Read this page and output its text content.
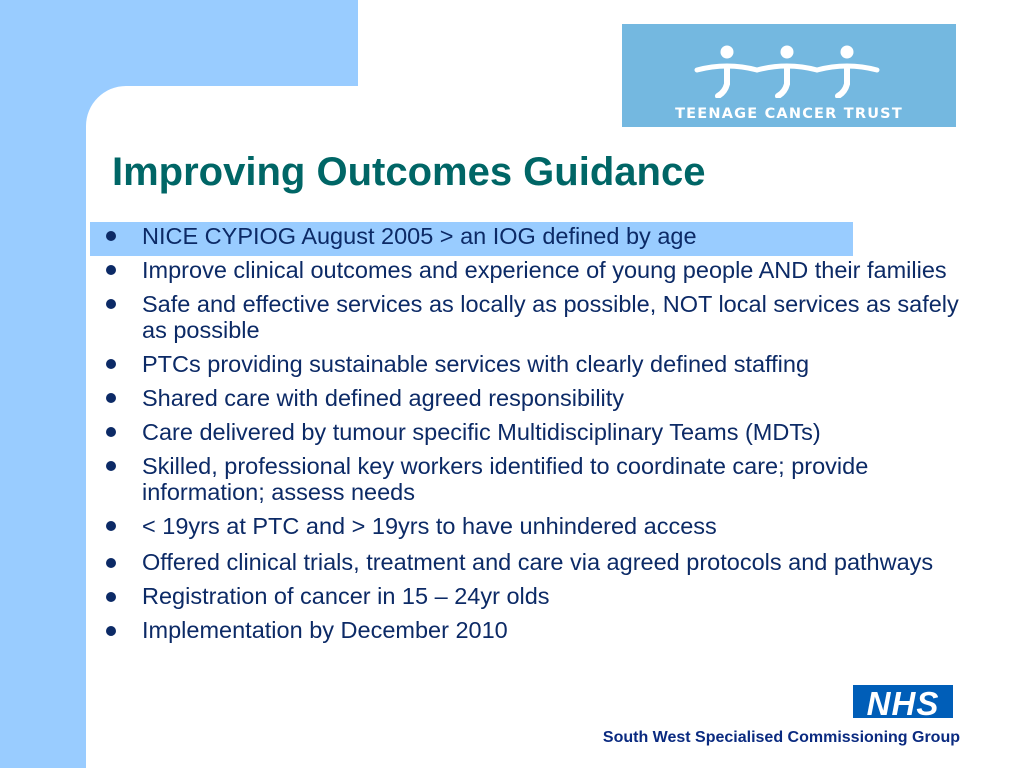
TEENAGE CANCER TRUST
Improving Outcomes Guidance
NICE CYPIOG August 2005 > an IOG defined by age
Improve clinical outcomes and experience of young people AND their families
Safe and effective services as locally as possible, NOT local services as safely as possible
PTCs providing sustainable services with clearly defined staffing
Shared care with defined agreed responsibility
Care delivered by tumour specific Multidisciplinary Teams (MDTs)
Skilled, professional key workers identified to coordinate care; provide information; assess needs
< 19yrs at PTC and > 19yrs to have unhindered access
Offered clinical trials, treatment and care via agreed protocols and pathways
Registration of cancer in 15 – 24yr olds
Implementation by December 2010
NHS
South West Specialised Commissioning Group
